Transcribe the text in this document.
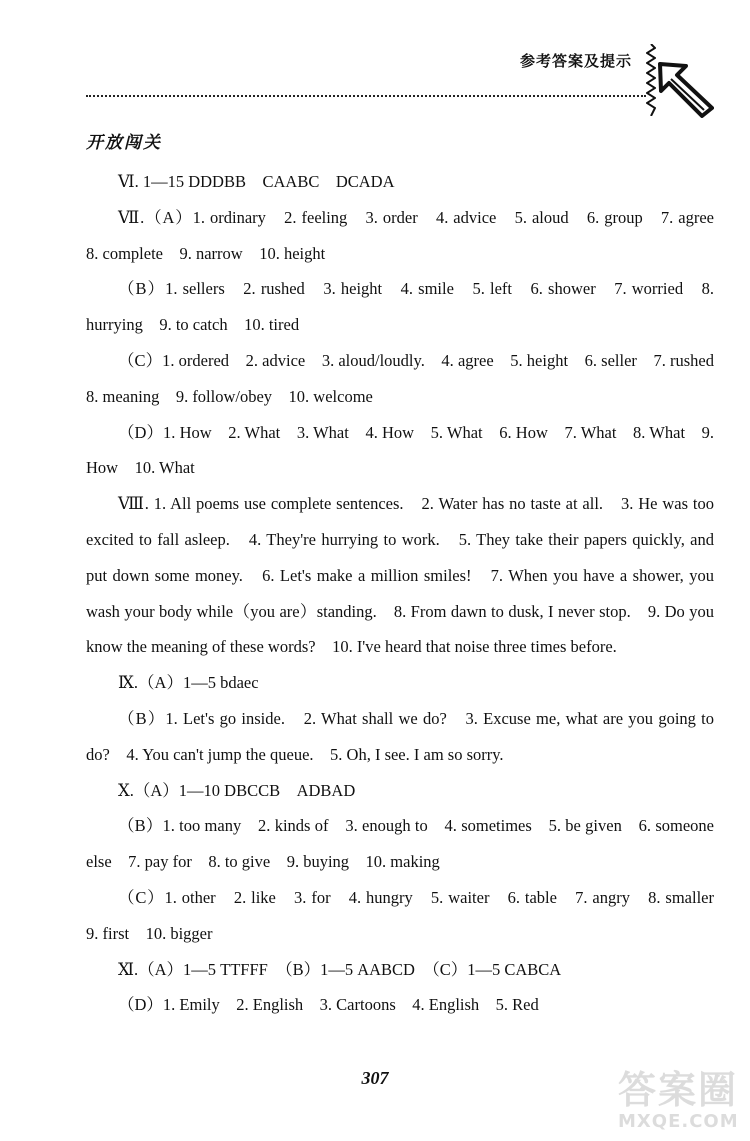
参考答案及提示
开放闯关

Ⅵ. 1—15 DDDBB　CAABC　DCADA

Ⅶ.（A）1. ordinary　2. feeling　3. order　4. advice　5. aloud　6. group　7. agree　8. complete　9. narrow　10. height

（B）1. sellers　2. rushed　3. height　4. smile　5. left　6. shower　7. worried　8. hurrying　9. to catch　10. tired

（C）1. ordered　2. advice　3. aloud/loudly.　4. agree　5. height　6. seller　7. rushed　8. meaning　9. follow/obey　10. welcome

（D）1. How　2. What　3. What　4. How　5. What　6. How　7. What　8. What　9. How　10. What

Ⅷ. 1. All poems use complete sentences.　2. Water has no taste at all.　3. He was too excited to fall asleep.　4. They're hurrying to work.　5. They take their papers quickly, and put down some money.　6. Let's make a million smiles!　7. When you have a shower, you wash your body while（you are）standing.　8. From dawn to dusk, I never stop.　9. Do you know the meaning of these words?　10. I've heard that noise three times before.

Ⅸ.（A）1—5 bdaec

（B）1. Let's go inside.　2. What shall we do?　3. Excuse me, what are you going to do?　4. You can't jump the queue.　5. Oh, I see. I am so sorry.

Ⅹ.（A）1—10 DBCCB　ADBAD

（B）1. too many　2. kinds of　3. enough to　4. sometimes　5. be given　6. someone else　7. pay for　8. to give　9. buying　10. making

（C）1. other　2. like　3. for　4. hungry　5. waiter　6. table　7. angry　8. smaller　9. first　10. bigger

Ⅺ.（A）1—5 TTFFF　（B）1—5 AABCD　（C）1—5 CABCA

（D）1. Emily　2. English　3. Cartoons　4. English　5. Red

307	答案圈
MXQE.COM
